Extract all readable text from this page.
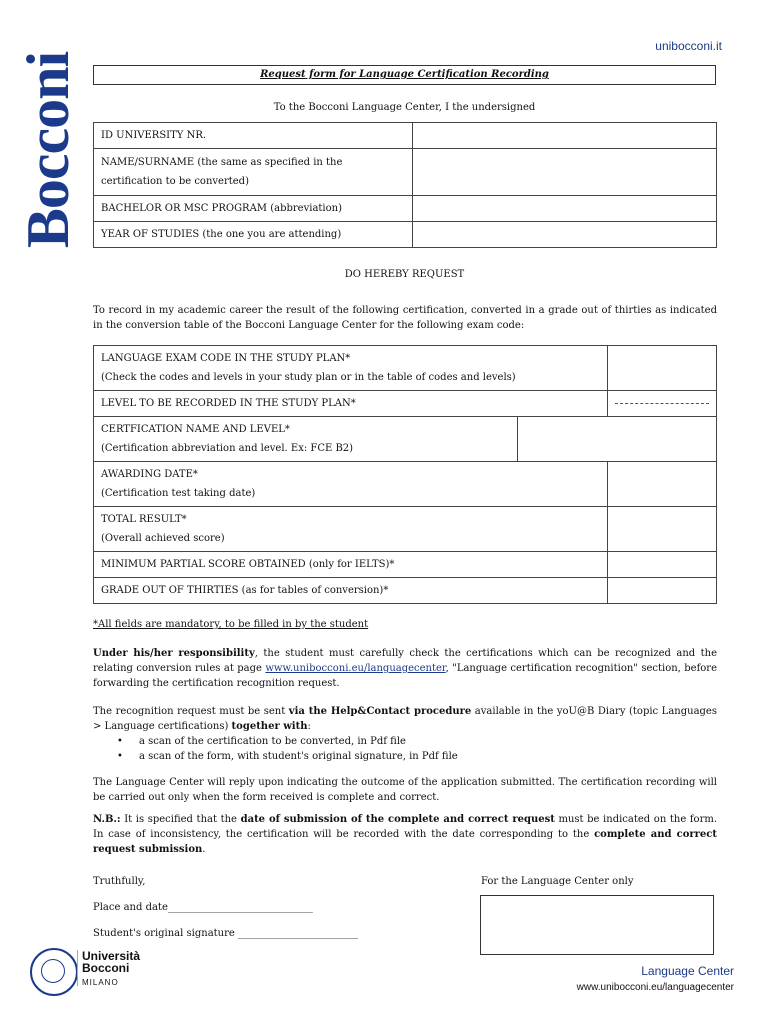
Bocconi
unibocconi.it
Request form for Language Certification Recording
To the Bocconi Language Center, I the undersigned
ID UNIVERSITY NR.	
NAME/SURNAME (the same as specified in the certification to be converted)	
BACHELOR OR MSC PROGRAM (abbreviation)	
YEAR OF STUDIES (the one you are attending)	
DO HEREBY REQUEST
To record in my academic career the result of the following certification, converted in a grade out of thirties as indicated in the conversion table of the Bocconi Language Center for the following exam code:
LANGUAGE EXAM CODE IN THE STUDY PLAN*
(Check the codes and levels in your study plan or in the table of codes and levels)		

LEVEL TO BE RECORDED IN THE STUDY PLAN*		

CERTFICATION NAME AND LEVEL*
(Certification abbreviation and level. Ex: FCE B2)		

AWARDING DATE*
(Certification test taking date)		

TOTAL RESULT*
(Overall achieved score)		

MINIMUM PARTIAL SCORE OBTAINED (only for IELTS)*		
GRADE OUT OF THIRTIES (as for tables of conversion)*		
*All fields are mandatory, to be filled in by the student
Under his/her responsibility, the student must carefully check the certifications which can be recognized and the relating conversion rules at page www.unibocconi.eu/languagecenter, "Language certification recognition" section, before forwarding the certification recognition request.
The recognition request must be sent via the Help&Contact procedure available in the yoU@B Diary (topic Languages > Language certifications) together with:
• a scan of the certification to be converted, in Pdf file
• a scan of the form, with student's original signature, in Pdf file
The Language Center will reply upon indicating the outcome of the application submitted. The certification recording will be carried out only when the form received is complete and correct.
N.B.: It is specified that the date of submission of the complete and correct request must be indicated on the form. In case of inconsistency, the certification will be recorded with the date corresponding to the complete and correct request submission.
Truthfully,	For the Language Center only
Place and date_____________________________
Student's original signature ________________________
Università
Bocconi
MILANO
Language Center
www.unibocconi.eu/languagecenter
